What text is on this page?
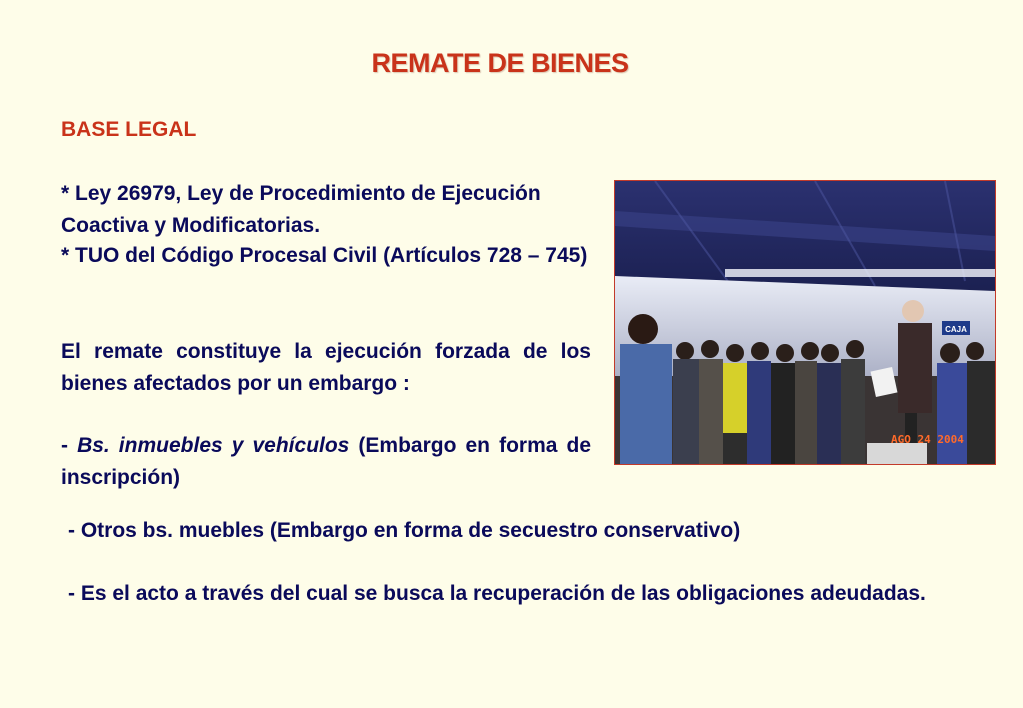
REMATE DE BIENES
BASE LEGAL
* Ley 26979, Ley de Procedimiento de Ejecución Coactiva y Modificatorias.
* TUO del Código Procesal Civil (Artículos 728 – 745)
El remate constituye la ejecución forzada de los bienes afectados por un embargo :
- Bs. inmuebles y vehículos (Embargo en forma de inscripción)
- Otros bs. muebles (Embargo en forma de secuestro conservativo)
- Es el acto a través del cual se busca la recuperación de las obligaciones adeudadas.
CAJA
AGO 24 2004
